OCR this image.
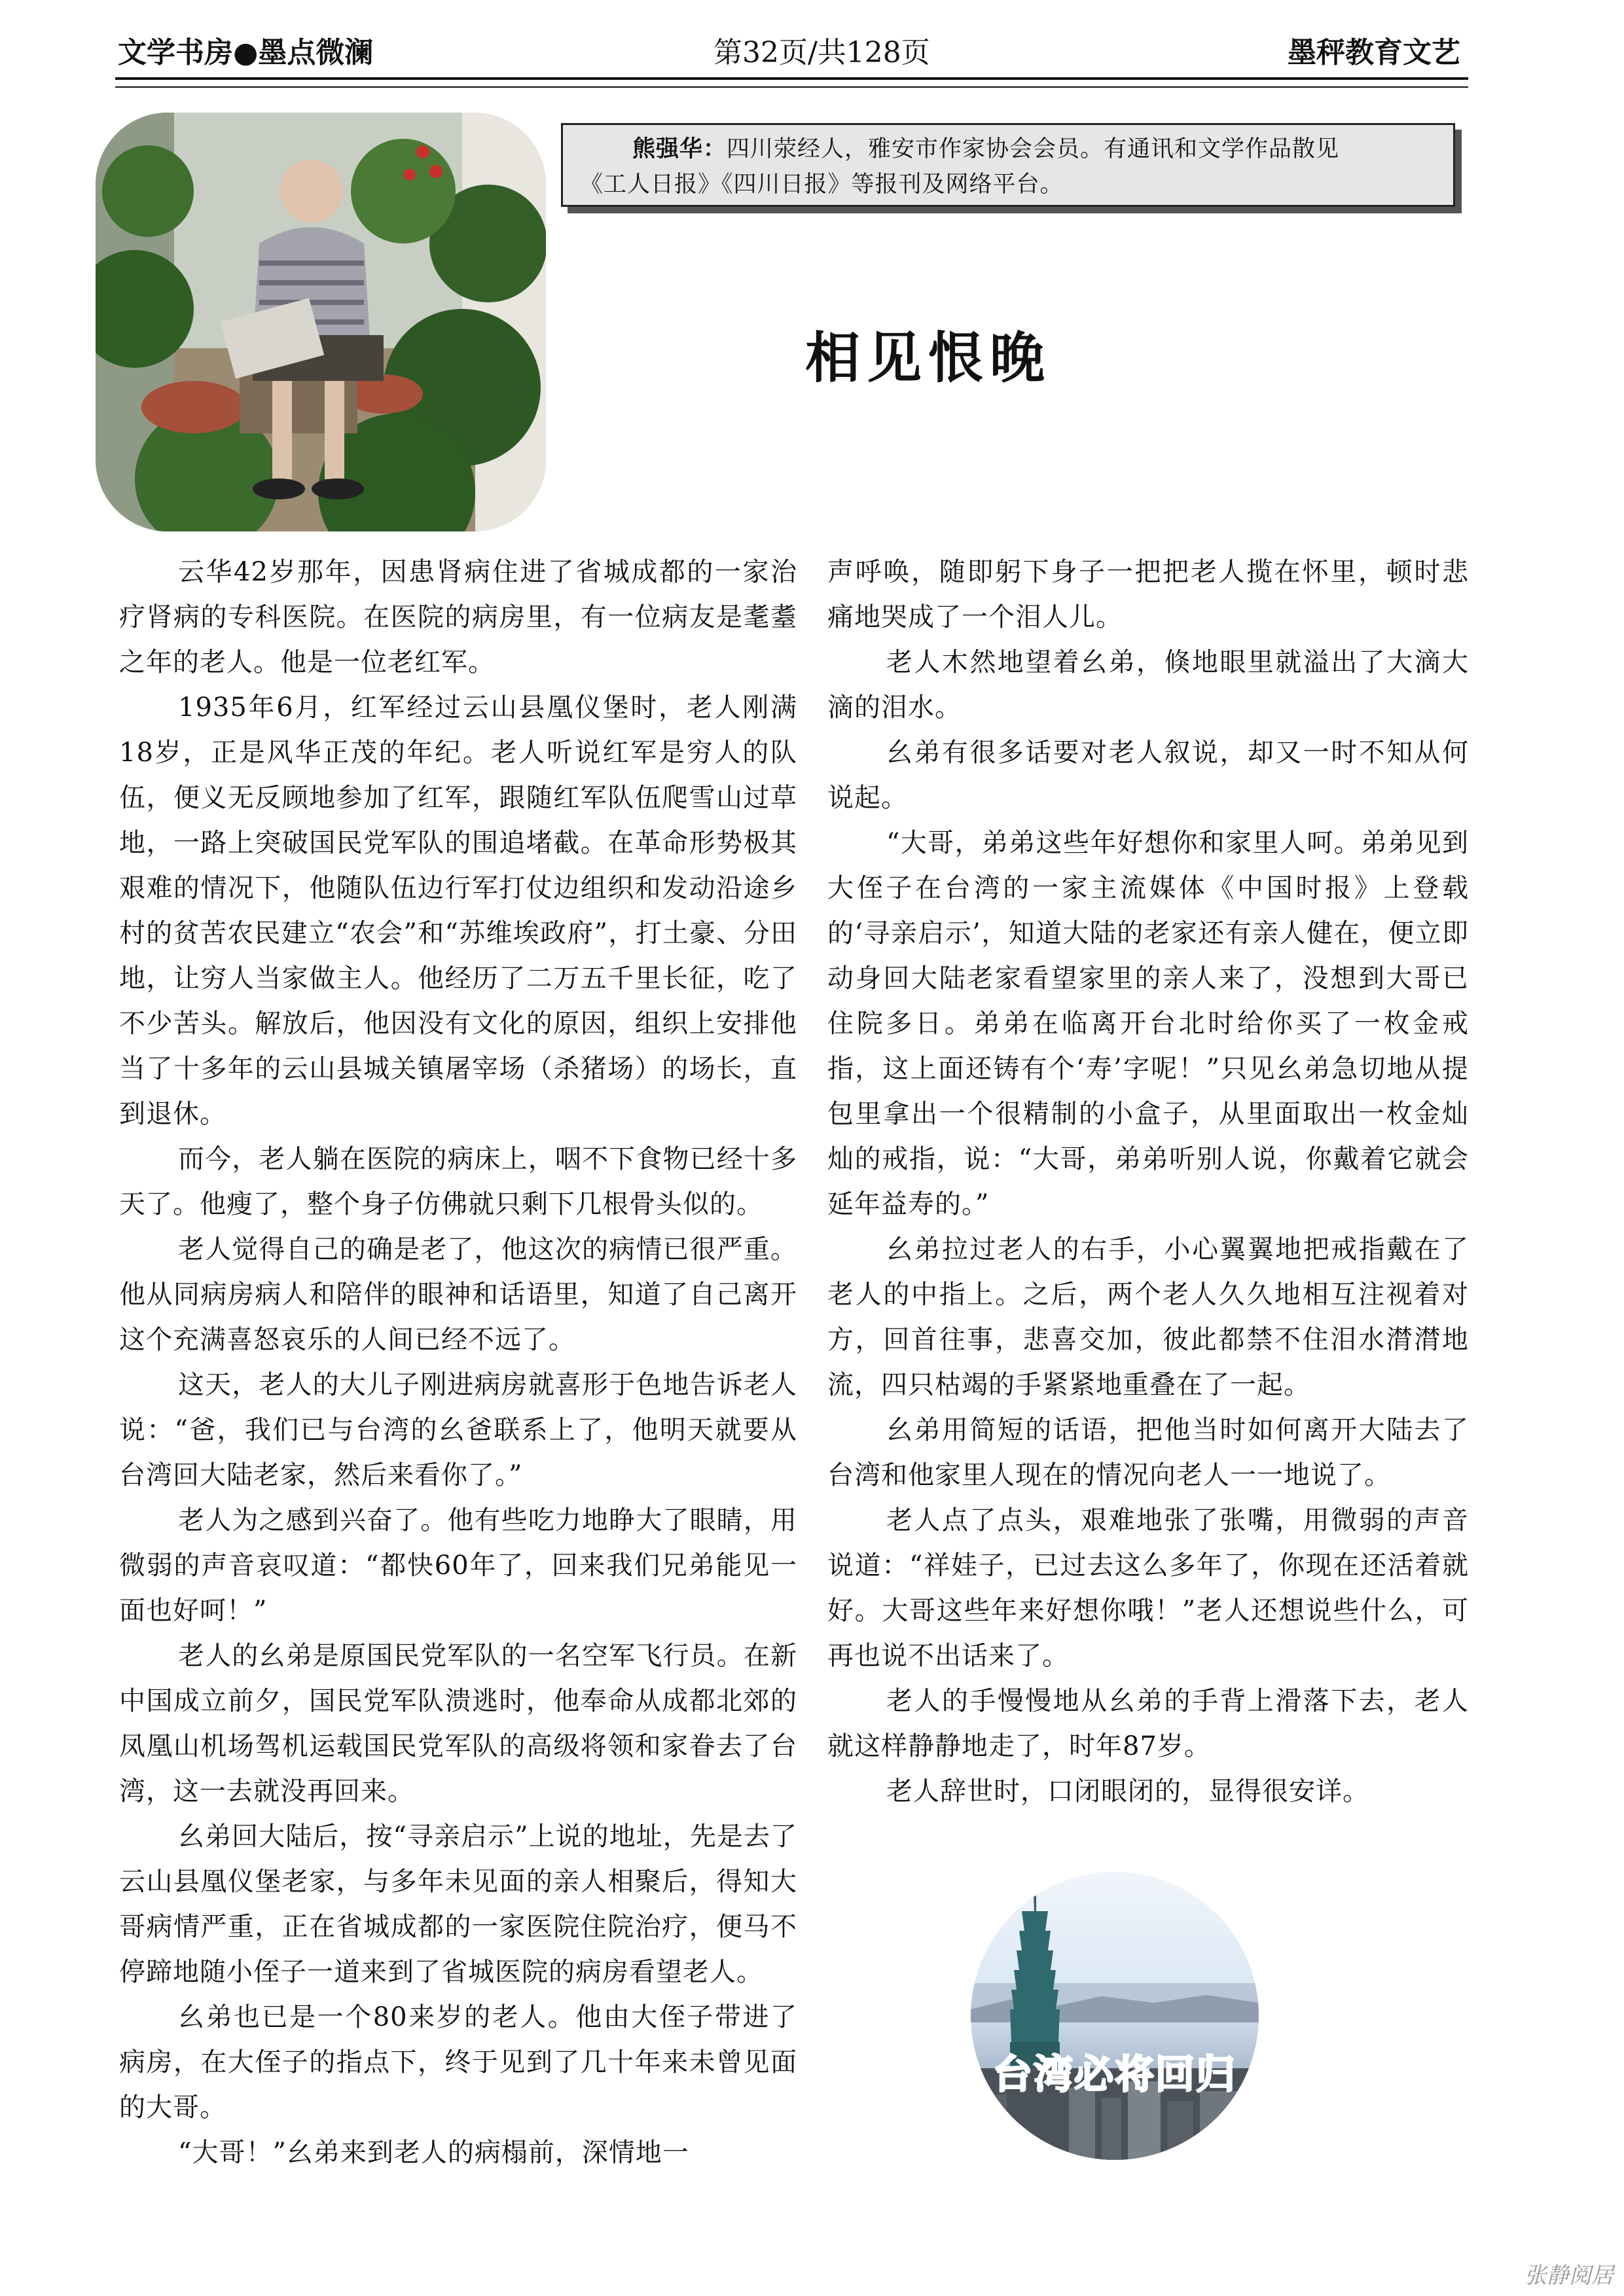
文学书房●墨点微澜	第32页/共128页	墨秤教育文艺
熊强华：四川荥经人，雅安市作家协会会员。有通讯和文学作品散见
《工人日报》《四川日报》等报刊及网络平台。
相见恨晚

云华42岁那年，因患肾病住进了省城成都的一家治疗肾病的专科医院。在医院的病房里，有一位病友是耄耋之年的老人。他是一位老红军。

1935年6月，红军经过云山县凰仪堡时，老人刚满18岁，正是风华正茂的年纪。老人听说红军是穷人的队伍，便义无反顾地参加了红军，跟随红军队伍爬雪山过草地，一路上突破国民党军队的围追堵截。在革命形势极其艰难的情况下，他随队伍边行军打仗边组织和发动沿途乡村的贫苦农民建立“农会”和“苏维埃政府”，打土豪、分田地，让穷人当家做主人。他经历了二万五千里长征，吃了不少苦头。解放后，他因没有文化的原因，组织上安排他当了十多年的云山县城关镇屠宰场（杀猪场）的场长，直到退休。

而今，老人躺在医院的病床上，咽不下食物已经十多天了。他瘦了，整个身子仿佛就只剩下几根骨头似的。

老人觉得自己的确是老了，他这次的病情已很严重。他从同病房病人和陪伴的眼神和话语里，知道了自己离开这个充满喜怒哀乐的人间已经不远了。

这天，老人的大儿子刚进病房就喜形于色地告诉老人说：“爸，我们已与台湾的幺爸联系上了，他明天就要从台湾回大陆老家，然后来看你了。”

老人为之感到兴奋了。他有些吃力地睁大了眼睛，用微弱的声音哀叹道：“都快60年了，回来我们兄弟能见一面也好呵！”

老人的幺弟是原国民党军队的一名空军飞行员。在新中国成立前夕，国民党军队溃逃时，他奉命从成都北郊的凤凰山机场驾机运载国民党军队的高级将领和家眷去了台湾，这一去就没再回来。

幺弟回大陆后，按“寻亲启示”上说的地址，先是去了云山县凰仪堡老家，与多年未见面的亲人相聚后，得知大哥病情严重，正在省城成都的一家医院住院治疗，便马不停蹄地随小侄子一道来到了省城医院的病房看望老人。

幺弟也已是一个80来岁的老人。他由大侄子带进了病房，在大侄子的指点下，终于见到了几十年来未曾见面的大哥。

“大哥！”幺弟来到老人的病榻前，深情地一

声呼唤，随即躬下身子一把把老人揽在怀里，顿时悲痛地哭成了一个泪人儿。

老人木然地望着幺弟，倏地眼里就溢出了大滴大滴的泪水。

幺弟有很多话要对老人叙说，却又一时不知从何说起。

“大哥，弟弟这些年好想你和家里人呵。弟弟见到大侄子在台湾的一家主流媒体《中国时报》上登载的‘寻亲启示’，知道大陆的老家还有亲人健在，便立即动身回大陆老家看望家里的亲人来了，没想到大哥已住院多日。弟弟在临离开台北时给你买了一枚金戒指，这上面还铸有个‘寿’字呢！”只见幺弟急切地从提包里拿出一个很精制的小盒子，从里面取出一枚金灿灿的戒指，说：“大哥，弟弟听别人说，你戴着它就会延年益寿的。”

幺弟拉过老人的右手，小心翼翼地把戒指戴在了老人的中指上。之后，两个老人久久地相互注视着对方，回首往事，悲喜交加，彼此都禁不住泪水潸潸地流，四只枯竭的手紧紧地重叠在了一起。

幺弟用简短的话语，把他当时如何离开大陆去了台湾和他家里人现在的情况向老人一一地说了。

老人点了点头，艰难地张了张嘴，用微弱的声音说道：“祥娃子，已过去这么多年了，你现在还活着就好。大哥这些年来好想你哦！”老人还想说些什么，可再也说不出话来了。

老人的手慢慢地从幺弟的手背上滑落下去，老人就这样静静地走了，时年87岁。

老人辞世时，口闭眼闭的，显得很安详。

台湾必将回归
张静阅居
